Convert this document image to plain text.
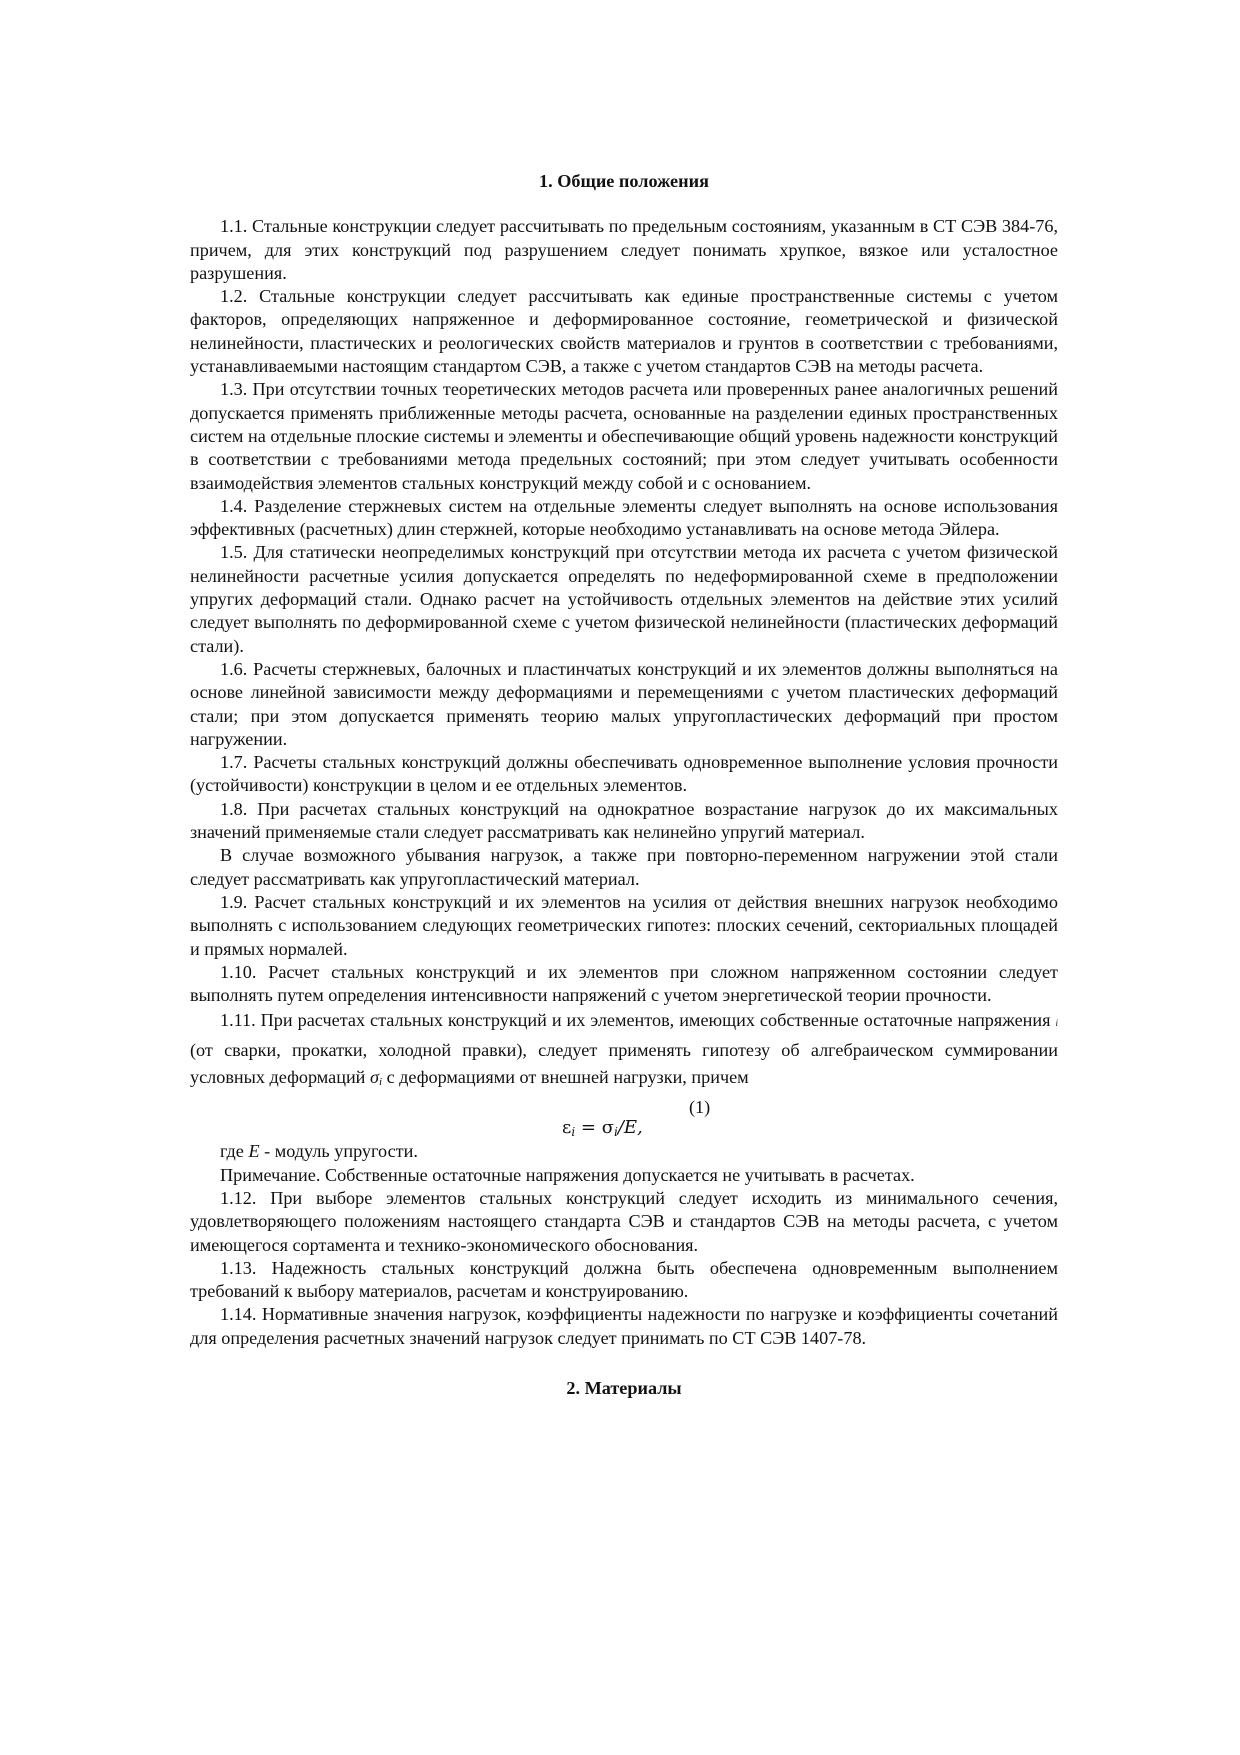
1. Общие положения

1.1. Стальные конструкции следует рассчитывать по предельным состояниям, указанным в СТ СЭВ 384-76, причем, для этих конструкций под разрушением следует понимать хрупкое, вязкое или усталостное разрушения.

1.2. Стальные конструкции следует рассчитывать как единые пространственные системы с учетом факторов, определяющих напряженное и деформированное состояние, геометрической и физической нелинейности, пластических и реологических свойств материалов и грунтов в соответствии с требованиями, устанавливаемыми настоящим стандартом СЭВ, а также с учетом стандартов СЭВ на методы расчета.

1.3. При отсутствии точных теоретических методов расчета или проверенных ранее аналогичных решений допускается применять приближенные методы расчета, основанные на разделении единых пространственных систем на отдельные плоские системы и элементы и обеспечивающие общий уровень надежности конструкций в соответствии с требованиями метода предельных состояний; при этом следует учитывать особенности взаимодействия элементов стальных конструкций между собой и с основанием.

1.4. Разделение стержневых систем на отдельные элементы следует выполнять на основе использования эффективных (расчетных) длин стержней, которые необходимо устанавливать на основе метода Эйлера.

1.5. Для статически неопределимых конструкций при отсутствии метода их расчета с учетом физической нелинейности расчетные усилия допускается определять по недеформированной схеме в предположении упругих деформаций стали. Однако расчет на устойчивость отдельных элементов на действие этих усилий следует выполнять по деформированной схеме с учетом физической нелинейности (пластических деформаций стали).

1.6. Расчеты стержневых, балочных и пластинчатых конструкций и их элементов должны выполняться на основе линейной зависимости между деформациями и перемещениями с учетом пластических деформаций стали; при этом допускается применять теорию малых упругопластических деформаций при простом нагружении.

1.7. Расчеты стальных конструкций должны обеспечивать одновременное выполнение условия прочности (устойчивости) конструкции в целом и ее отдельных элементов.

1.8. При расчетах стальных конструкций на однократное возрастание нагрузок до их максимальных значений применяемые стали следует рассматривать как нелинейно упругий материал.

В случае возможного убывания нагрузок, а также при повторно-переменном нагружении этой стали следует рассматривать как упругопластический материал.

1.9. Расчет стальных конструкций и их элементов на усилия от действия внешних нагрузок необходимо выполнять с использованием следующих геометрических гипотез: плоских сечений, секториальных площадей и прямых нормалей.

1.10. Расчет стальных конструкций и их элементов при сложном напряженном состоянии следует выполнять путем определения интенсивности напряжений с учетом энергетической теории прочности.

1.11. При расчетах стальных конструкций и их элементов, имеющих собственные остаточные напряжения i (от сварки, прокатки, холодной правки), следует применять гипотезу об алгебраическом суммировании условных деформаций $\sigma_i$ с деформациями от внешней нагрузки, причем

(1)
$\varepsilon_i = \sigma_i/E$,

где E - модуль упругости.

Примечание. Собственные остаточные напряжения допускается не учитывать в расчетах.

1.12. При выборе элементов стальных конструкций следует исходить из минимального сечения, удовлетворяющего положениям настоящего стандарта СЭВ и стандартов СЭВ на методы расчета, с учетом имеющегося сортамента и технико-экономического обоснования.

1.13. Надежность стальных конструкций должна быть обеспечена одновременным выполнением требований к выбору материалов, расчетам и конструированию.

1.14. Нормативные значения нагрузок, коэффициенты надежности по нагрузке и коэффициенты сочетаний для определения расчетных значений нагрузок следует принимать по СТ СЭВ 1407-78.

2. Материалы
